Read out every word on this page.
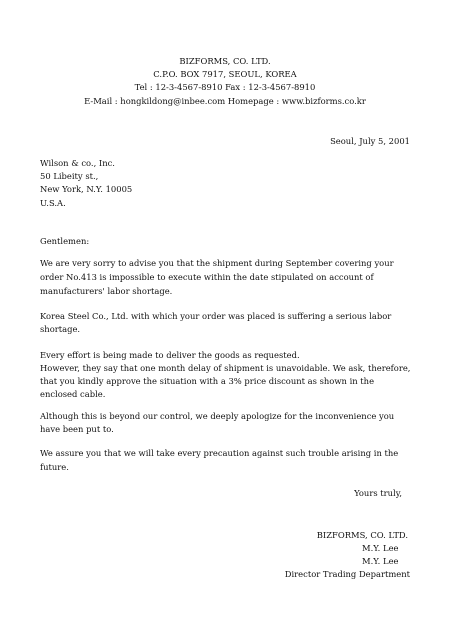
BIZFORMS, CO. LTD.
C.P.O. BOX 7917, SEOUL, KOREA
Tel : 12-3-4567-8910 Fax : 12-3-4567-8910
E-Mail : hongkildong@inbee.com Homepage : www.bizforms.co.kr
Seoul, July 5, 2001
Wilson & co., Inc.
50 Libeity st.,
New York, N.Y. 10005
U.S.A.
Gentlemen:
We are very sorry to advise you that the shipment during September covering your
order No.413 is impossible to execute within the date stipulated on account of
manufacturers' labor shortage.
Korea Steel Co., Ltd. with which your order was placed is suffering a serious labor
shortage.
Every effort is being made to deliver the goods as requested.
However, they say that one month delay of shipment is unavoidable. We ask, therefore,
that you kindly approve the situation with a 3% price discount as shown in the
enclosed cable.
Although this is beyond our control, we deeply apologize for the inconvenience you
have been put to.
We assure you that we will take every precaution against such trouble arising in the
future.
Yours truly,
BIZFORMS, CO. LTD.
M.Y. Lee
M.Y. Lee
Director Trading Department
